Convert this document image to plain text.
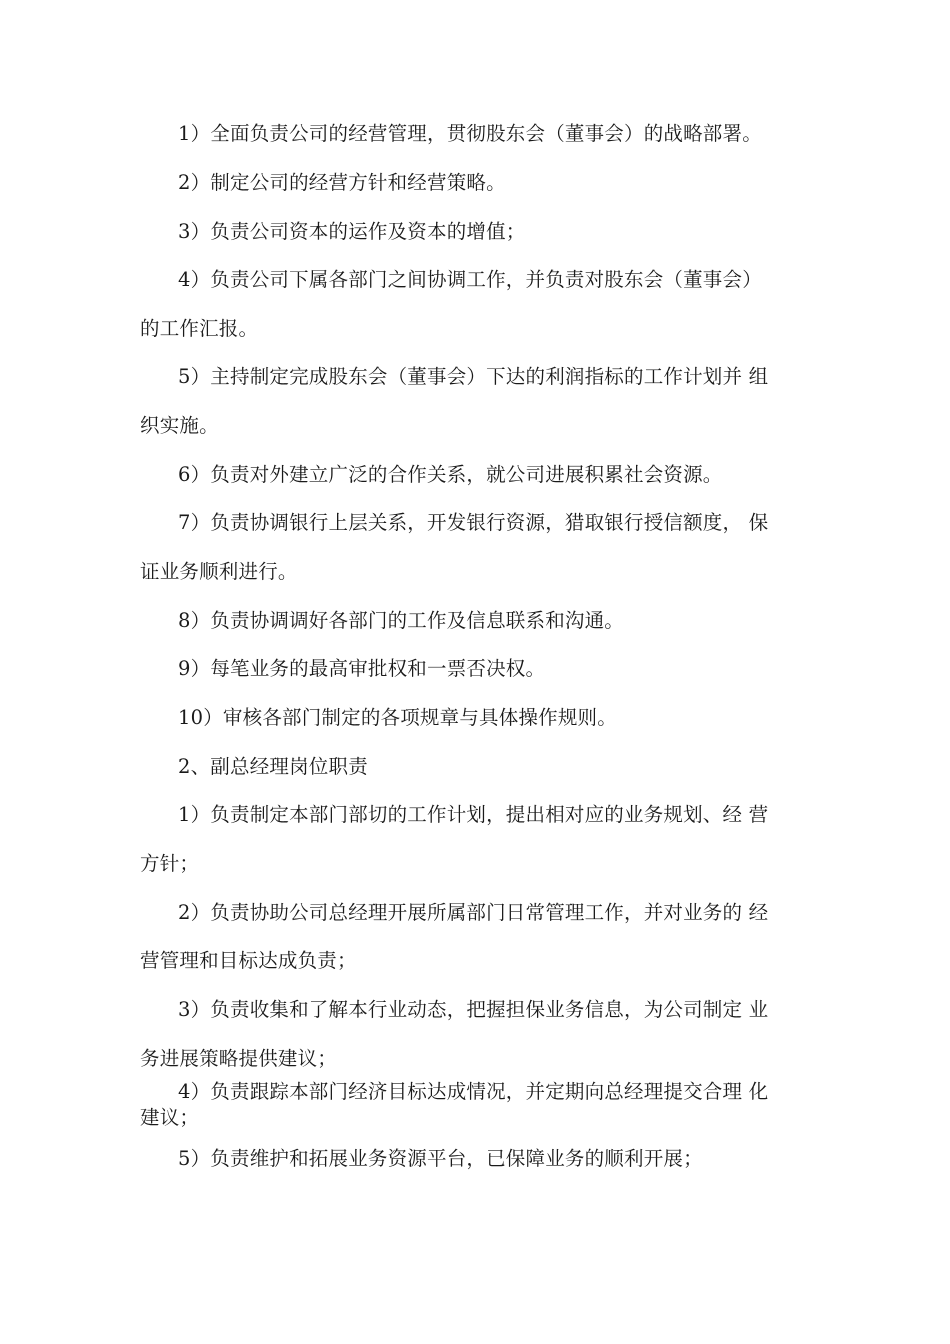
1）全面负责公司的经营管理，贯彻股东会（董事会）的战略部署。
2）制定公司的经营方针和经营策略。
3）负责公司资本的运作及资本的增值；
4）负责公司下属各部门之间协调工作，并负责对股东会（董事会）
的工作汇报。
5）主持制定完成股东会（董事会）下达的利润指标的工作计划并 组
织实施。
6）负责对外建立广泛的合作关系，就公司进展积累社会资源。
7）负责协调银行上层关系，开发银行资源，猎取银行授信额度， 保
证业务顺利进行。
8）负责协调调好各部门的工作及信息联系和沟通。
9）每笔业务的最高审批权和一票否决权。
10）审核各部门制定的各项规章与具体操作规则。
2、副总经理岗位职责
1）负责制定本部门部切的工作计划，提出相对应的业务规划、经 营
方针；
2）负责协助公司总经理开展所属部门日常管理工作，并对业务的 经
营管理和目标达成负责；
3）负责收集和了解本行业动态，把握担保业务信息，为公司制定 业
务进展策略提供建议；
4）负责跟踪本部门经济目标达成情况，并定期向总经理提交合理 化
建议；
5）负责维护和拓展业务资源平台，已保障业务的顺利开展；
